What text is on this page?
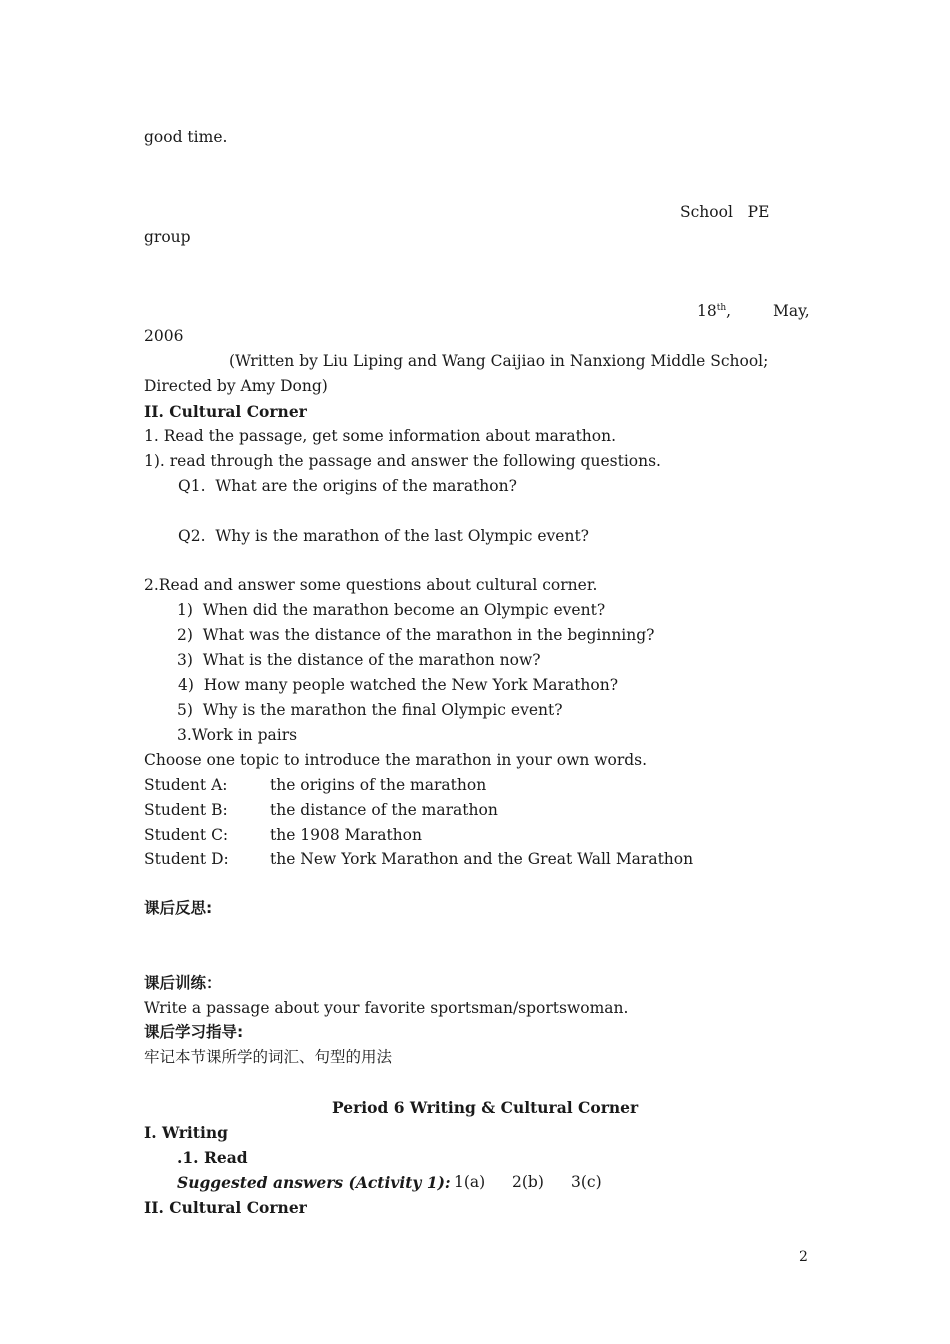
good time.
School   PE
group
18th,	May,
2006
(Written by Liu Liping and Wang Caijiao in Nanxiong Middle School;
Directed by Amy Dong)
II. Cultural Corner
1. Read the passage, get some information about marathon.
1). read through the passage and answer the following questions.
Q1.  What are the origins of the marathon?
Q2.  Why is the marathon of the last Olympic event?
2.Read and answer some questions about cultural corner.
1)  When did the marathon become an Olympic event?
2)  What was the distance of the marathon in the beginning?
3)  What is the distance of the marathon now?
4)  How many people watched the New York Marathon?
5)  Why is the marathon the final Olympic event?
3.Work in pairs
Choose one topic to introduce the marathon in your own words.
Student A:	the origins of the marathon
Student B:	the distance of the marathon
Student C:	the 1908 Marathon
Student D:	the New York Marathon and the Great Wall Marathon
课后反思:
课后训练：
Write a passage about your favorite sportsman/sportswoman.
课后学习指导:
牢记本节课所学的词汇、句型的用法
Period 6 Writing & Cultural Corner
I. Writing
.1. Read
Suggested answers (Activity 1): 1(a) 2(b) 3(c)
II. Cultural Corner
2
